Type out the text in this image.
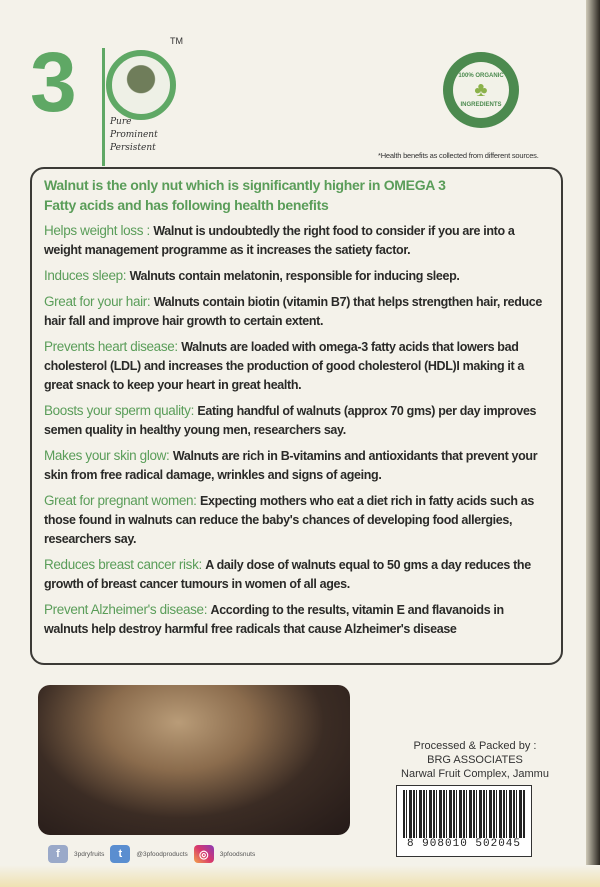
3	TM
Pure
Prominent
Persistent
100% ORGANIC
♣
INGREDIENTS
*Health benefits as collected from different sources.
Walnut is the only nut which is significantly higher in OMEGA 3
Fatty acids and has following health benefits
Helps weight loss : Walnut is undoubtedly the right food to consider if you are into a weight management programme as it increases the satiety factor.
Induces sleep: Walnuts contain melatonin, responsible for inducing sleep.
Great for your hair: Walnuts contain biotin (vitamin B7) that helps strengthen hair, reduce hair fall and improve hair growth to certain extent.
Prevents heart disease: Walnuts are loaded with omega-3 fatty acids that lowers bad cholesterol (LDL) and increases the production of good cholesterol (HDL)I making it a great snack to keep your heart in great health.
Boosts your sperm quality: Eating handful of walnuts (approx 70 gms) per day improves semen quality in healthy young men, researchers say.
Makes your skin glow: Walnuts are rich in B-vitamins and antioxidants that prevent your skin from free radical damage, wrinkles and signs of ageing.
Great for pregnant women: Expecting mothers who eat a diet rich in fatty acids such as those found in walnuts can reduce the baby's chances of developing food allergies, researchers say.
Reduces breast cancer risk: A daily dose of walnuts equal to 50 gms a day reduces the growth of breast cancer tumours in women of all ages.
Prevent Alzheimer's disease: According to the results, vitamin E and flavanoids in walnuts help destroy harmful free radicals that cause Alzheimer's disease
Processed & Packed by :
BRG ASSOCIATES
Narwal Fruit Complex, Jammu
8 908010 502045
f	3pdryfruits	t	@3pfoodproducts	◎	3pfoodsnuts
